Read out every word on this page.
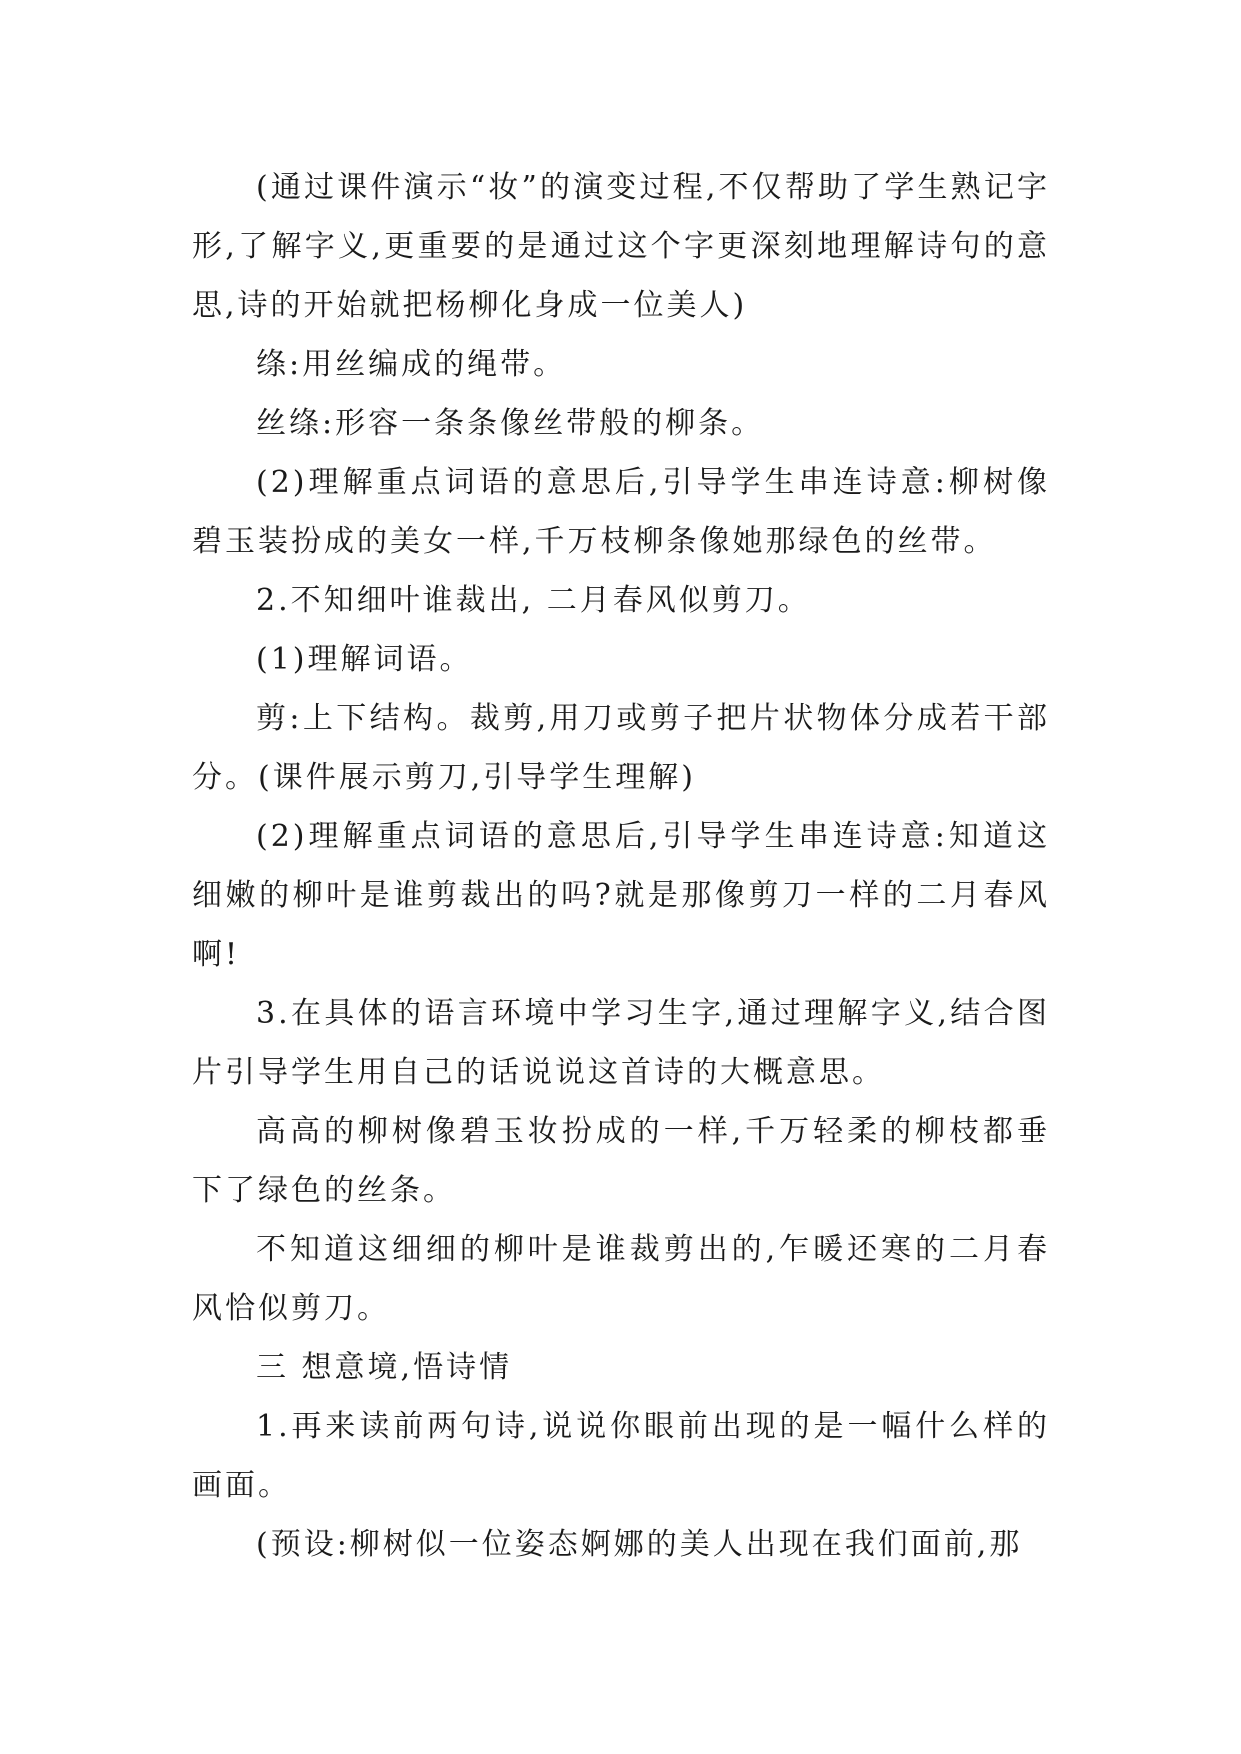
(通过课件演示“妆”的演变过程,不仅帮助了学生熟记字形,了解字义,更重要的是通过这个字更深刻地理解诗句的意思,诗的开始就把杨柳化身成一位美人)

绦:用丝编成的绳带。

丝绦:形容一条条像丝带般的柳条。

(2)理解重点词语的意思后,引导学生串连诗意:柳树像碧玉装扮成的美女一样,千万枝柳条像她那绿色的丝带。

2.不知细叶谁裁出, 二月春风似剪刀。

(1)理解词语。

剪:上下结构。裁剪,用刀或剪子把片状物体分成若干部分。(课件展示剪刀,引导学生理解)

(2)理解重点词语的意思后,引导学生串连诗意:知道这细嫩的柳叶是谁剪裁出的吗?就是那像剪刀一样的二月春风啊!

3.在具体的语言环境中学习生字,通过理解字义,结合图片引导学生用自己的话说说这首诗的大概意思。

高高的柳树像碧玉妆扮成的一样,千万轻柔的柳枝都垂下了绿色的丝条。

不知道这细细的柳叶是谁裁剪出的,乍暖还寒的二月春风恰似剪刀。

三 想意境,悟诗情

1.再来读前两句诗,说说你眼前出现的是一幅什么样的画面。

(预设:柳树似一位姿态婀娜的美人出现在我们面前,那
